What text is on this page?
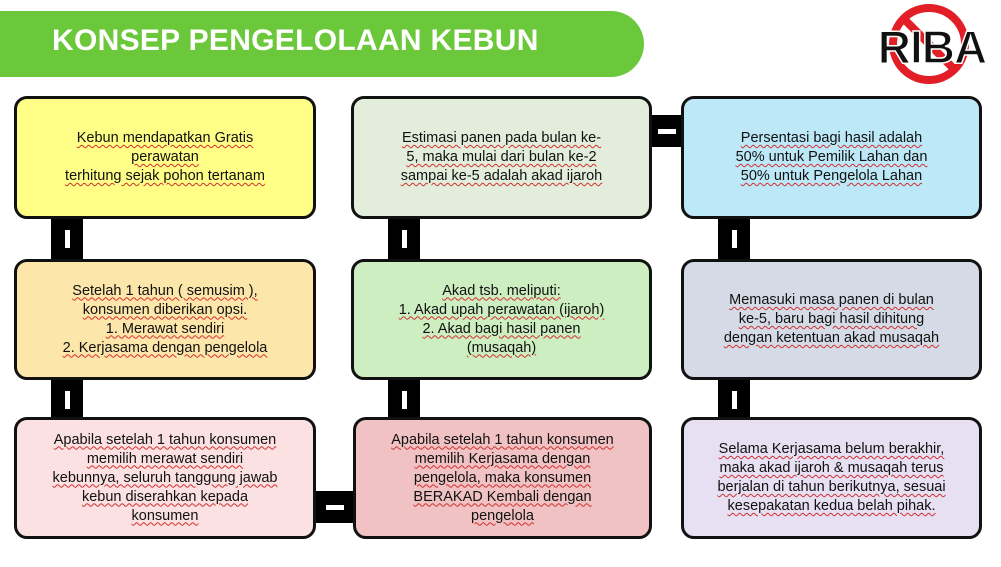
KONSEP PENGELOLAAN KEBUN	RIBA
Kebun mendapatkan Gratis
perawatan
terhitung sejak pohon tertanam
Setelah 1 tahun ( semusim ),
konsumen diberikan opsi.
1. Merawat sendiri
2. Kerjasama dengan pengelola
Apabila setelah 1 tahun konsumen
memilih merawat sendiri
kebunnya, seluruh tanggung jawab
kebun diserahkan kepada
konsumen
Estimasi panen pada bulan ke-
5, maka mulai dari bulan ke-2
sampai ke-5 adalah akad ijaroh
Akad tsb. meliputi:
1. Akad upah perawatan (ijaroh)
2. Akad bagi hasil panen
(musaqah)
Apabila setelah 1 tahun konsumen
memilih Kerjasama dengan
pengelola, maka konsumen
BERAKAD Kembali dengan
pengelola
Persentasi bagi hasil adalah
50% untuk Pemilik Lahan dan
50% untuk Pengelola Lahan
Memasuki masa panen di bulan
ke-5, baru bagi hasil dihitung
dengan ketentuan akad musaqah
Selama Kerjasama belum berakhir,
maka akad ijaroh & musaqah terus
berjalan di tahun berikutnya, sesuai
kesepakatan kedua belah pihak.
